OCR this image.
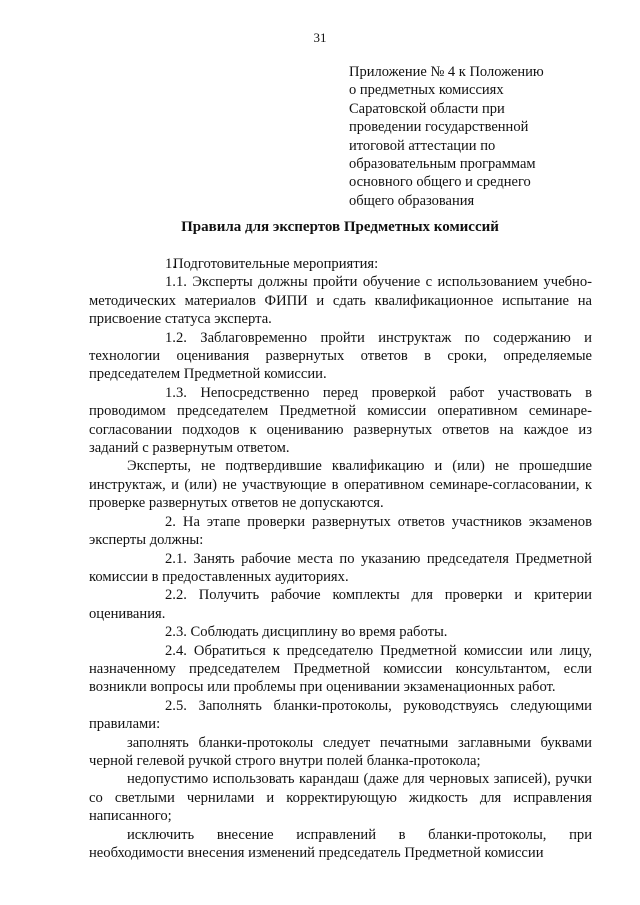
31
Приложение № 4 к Положению
о предметных комиссиях
Саратовской области при
проведении государственной
итоговой аттестации по
образовательным программам
основного общего и среднего
общего образования
Правила для экспертов Предметных комиссий

1.Подготовительные мероприятия:

1.1. Эксперты должны пройти обучение с использованием учебно-методических материалов ФИПИ и сдать квалификационное испытание на присвоение статуса эксперта.

1.2. Заблаговременно пройти инструктаж по содержанию и технологии оценивания развернутых ответов в сроки, определяемые председателем Предметной комиссии.

1.3. Непосредственно перед проверкой работ участвовать в проводимом председателем Предметной комиссии оперативном семинаре-согласовании подходов к оцениванию развернутых ответов на каждое из заданий с развернутым ответом.

Эксперты, не подтвердившие квалификацию и (или) не прошедшие инструктаж, и (или) не участвующие в оперативном семинаре-согласовании, к проверке развернутых ответов не допускаются.

2. На этапе проверки развернутых ответов участников экзаменов эксперты должны:

2.1. Занять рабочие места по указанию председателя Предметной комиссии в предоставленных аудиториях.

2.2. Получить рабочие комплекты для проверки и критерии оценивания.

2.3. Соблюдать дисциплину во время работы.

2.4. Обратиться к председателю Предметной комиссии или лицу, назначенному председателем Предметной комиссии консультантом, если возникли вопросы или проблемы при оценивании экзаменационных работ.

2.5. Заполнять бланки-протоколы, руководствуясь следующими правилами:

заполнять бланки-протоколы следует печатными заглавными буквами черной гелевой ручкой строго внутри полей бланка-протокола;

недопустимо использовать карандаш (даже для черновых записей), ручки со светлыми чернилами и корректирующую жидкость для исправления написанного;

исключить внесение исправлений в бланки-протоколы, при необходимости внесения изменений председатель Предметной комиссии
